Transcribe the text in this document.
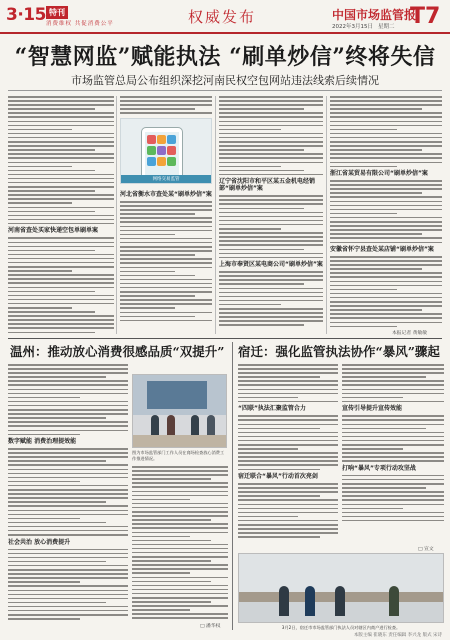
3·15 特刊
消费维权 共促消费公平	权威发布	中国市场监管报
2022年3月15日 星期二 T7
“智慧网监”赋能执法 “刷单炒信”终将失信
市场监管总局公布组织深挖河南民权空包网站违法线索后续情况
河南省查处买家快递空包单刷单案
网络交易监管
河北省衡水市查处某“刷单炒信”案
辽宁省沈阳市和平区某五金机电经销部“刷单炒信”案
上海市奉贤区某电商公司“刷单炒信”案
浙江省某贸易有限公司“刷单炒信”案
安徽省怀宁县查处某店铺“刷单炒信”案
本报记者 黄敏敏
温州：推动放心消费很感品质“双提升” 宿迁：强化监管执法协作“暴风”骤起
数字赋能 消费治理提效能
社会共治 放心消费提升
图为市场监管部门工作人员在商场检查放心消费工作推进情况。
□ 潘华权
“四联”执法汇聚监管合力
宿迁联合“暴风”行动首次亮剑
宣传引导提升宣传效能
打响“暴风”专项行动攻坚战
□ 宣文
3月2日，宿迁市市场监管部门执法人员对辖区内商户进行检查。
本版主编 崔晓东 责任编辑 李兴龙 版式 宋诗
